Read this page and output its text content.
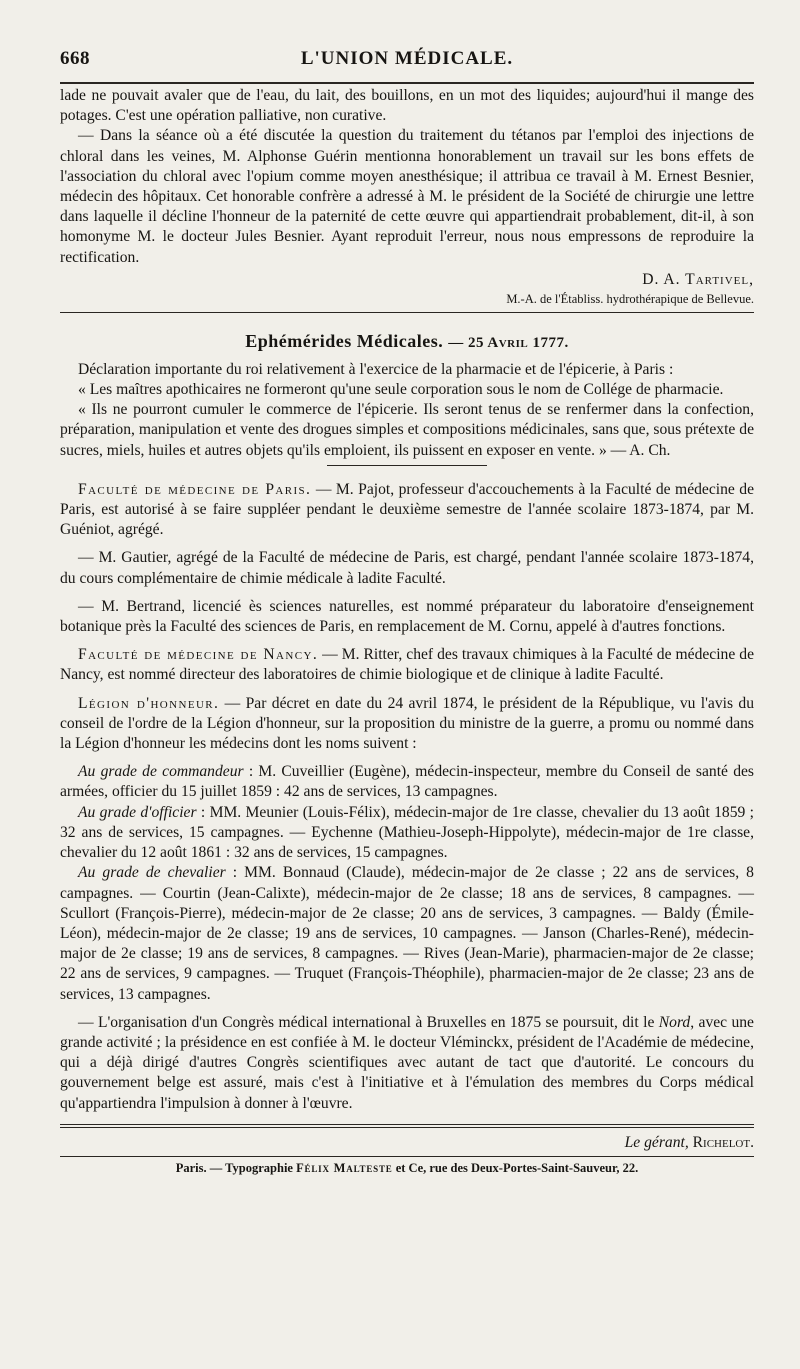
668	L'UNION MÉDICALE.

lade ne pouvait avaler que de l'eau, du lait, des bouillons, en un mot des liquides; aujourd'hui il mange des potages. C'est une opération palliative, non curative.

— Dans la séance où a été discutée la question du traitement du tétanos par l'emploi des injections de chloral dans les veines, M. Alphonse Guérin mentionna honorablement un travail sur les bons effets de l'association du chloral avec l'opium comme moyen anesthésique; il attribua ce travail à M. Ernest Besnier, médecin des hôpitaux. Cet honorable confrère a adressé à M. le président de la Société de chirurgie une lettre dans laquelle il décline l'honneur de la paternité de cette œuvre qui appartiendrait probablement, dit-il, à son homonyme M. le docteur Jules Besnier. Ayant reproduit l'erreur, nous nous empressons de reproduire la rectification.

D. A. Tartivel,
M.-A. de l'Établiss. hydrothérapique de Bellevue.
Ephémérides Médicales. — 25 Avril 1777.

Déclaration importante du roi relativement à l'exercice de la pharmacie et de l'épicerie, à Paris :

« Les maîtres apothicaires ne formeront qu'une seule corporation sous le nom de Collége de pharmacie.

« Ils ne pourront cumuler le commerce de l'épicerie. Ils seront tenus de se renfermer dans la confection, préparation, manipulation et vente des drogues simples et compositions médicinales, sans que, sous prétexte de sucres, miels, huiles et autres objets qu'ils emploient, ils puissent en exposer en vente. » — A. Ch.

Faculté de médecine de Paris. — M. Pajot, professeur d'accouchements à la Faculté de médecine de Paris, est autorisé à se faire suppléer pendant le deuxième semestre de l'année scolaire 1873-1874, par M. Guéniot, agrégé.

— M. Gautier, agrégé de la Faculté de médecine de Paris, est chargé, pendant l'année scolaire 1873-1874, du cours complémentaire de chimie médicale à ladite Faculté.

— M. Bertrand, licencié ès sciences naturelles, est nommé préparateur du laboratoire d'enseignement botanique près la Faculté des sciences de Paris, en remplacement de M. Cornu, appelé à d'autres fonctions.

Faculté de médecine de Nancy. — M. Ritter, chef des travaux chimiques à la Faculté de médecine de Nancy, est nommé directeur des laboratoires de chimie biologique et de clinique à ladite Faculté.

Légion d'honneur. — Par décret en date du 24 avril 1874, le président de la République, vu l'avis du conseil de l'ordre de la Légion d'honneur, sur la proposition du ministre de la guerre, a promu ou nommé dans la Légion d'honneur les médecins dont les noms suivent :

Au grade de commandeur : M. Cuveillier (Eugène), médecin-inspecteur, membre du Conseil de santé des armées, officier du 15 juillet 1859 : 42 ans de services, 13 campagnes.

Au grade d'officier : MM. Meunier (Louis-Félix), médecin-major de 1re classe, chevalier du 13 août 1859 ; 32 ans de services, 15 campagnes. — Eychenne (Mathieu-Joseph-Hippolyte), médecin-major de 1re classe, chevalier du 12 août 1861 : 32 ans de services, 15 campagnes.

Au grade de chevalier : MM. Bonnaud (Claude), médecin-major de 2e classe ; 22 ans de services, 8 campagnes. — Courtin (Jean-Calixte), médecin-major de 2e classe; 18 ans de services, 8 campagnes. — Scullort (François-Pierre), médecin-major de 2e classe; 20 ans de services, 3 campagnes. — Baldy (Émile-Léon), médecin-major de 2e classe; 19 ans de services, 10 campagnes. — Janson (Charles-René), médecin-major de 2e classe; 19 ans de services, 8 campagnes. — Rives (Jean-Marie), pharmacien-major de 2e classe; 22 ans de services, 9 campagnes. — Truquet (François-Théophile), pharmacien-major de 2e classe; 23 ans de services, 13 campagnes.

— L'organisation d'un Congrès médical international à Bruxelles en 1875 se poursuit, dit le Nord, avec une grande activité ; la présidence en est confiée à M. le docteur Vléminckx, président de l'Académie de médecine, qui a déjà dirigé d'autres Congrès scientifiques avec autant de tact que d'autorité. Le concours du gouvernement belge est assuré, mais c'est à l'initiative et à l'émulation des membres du Corps médical qu'appartiendra l'impulsion à donner à l'œuvre.

Le gérant, Richelot.
Paris. — Typographie Félix Malteste et Ce, rue des Deux-Portes-Saint-Sauveur, 22.
